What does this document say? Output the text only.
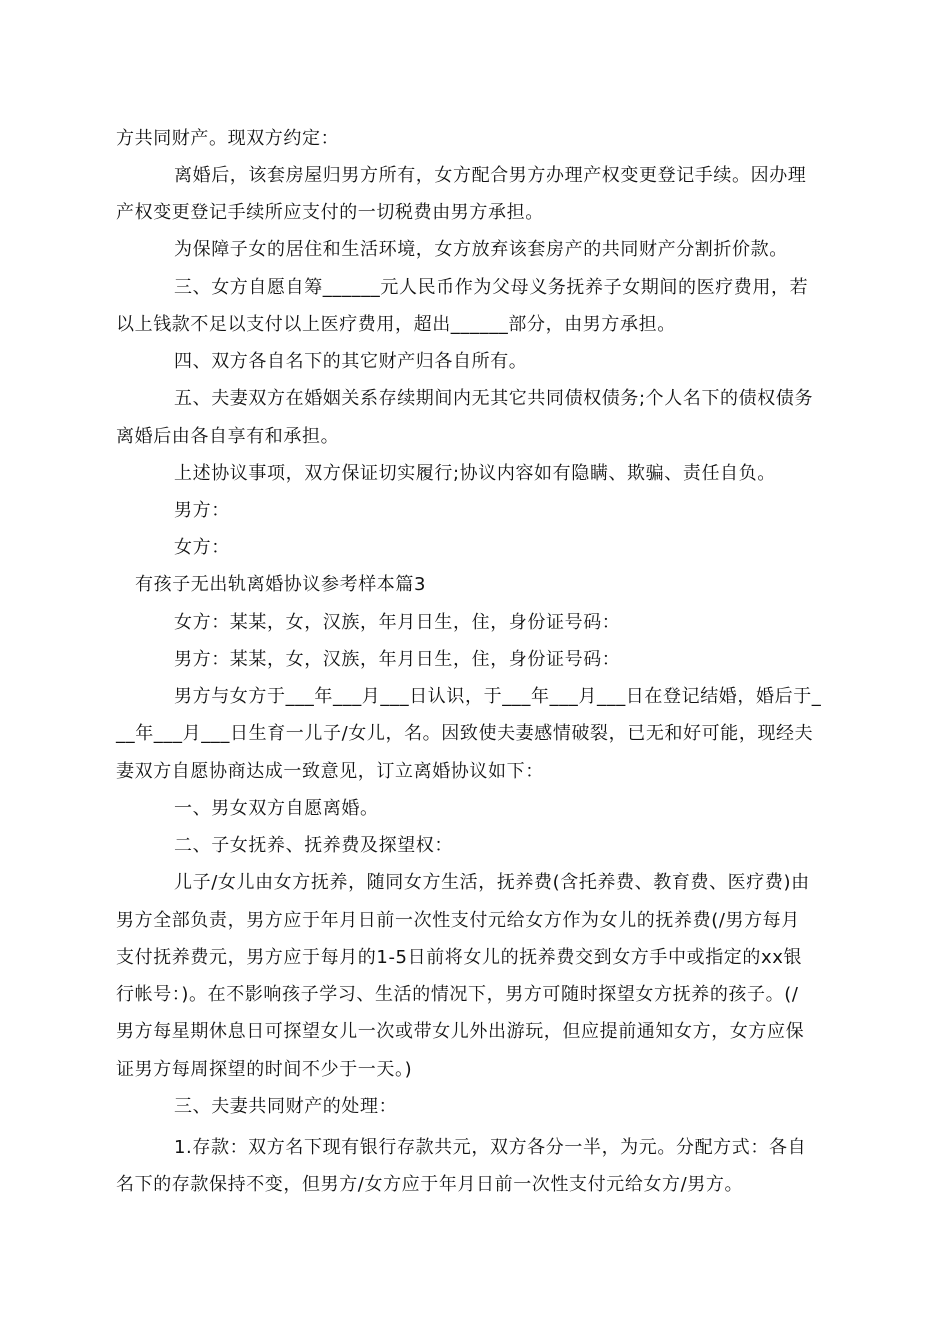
方共同财产。现双方约定：
离婚后，该套房屋归男方所有，女方配合男方办理产权变更登记手续。因办理
产权变更登记手续所应支付的一切税费由男方承担。
为保障子女的居住和生活环境，女方放弃该套房产的共同财产分割折价款。
三、女方自愿自筹______元人民币作为父母义务抚养子女期间的医疗费用，若
以上钱款不足以支付以上医疗费用，超出______部分，由男方承担。
四、双方各自名下的其它财产归各自所有。
五、夫妻双方在婚姻关系存续期间内无其它共同债权债务;个人名下的债权债务
离婚后由各自享有和承担。
上述协议事项，双方保证切实履行;协议内容如有隐瞒、欺骗、责任自负。
男方：
女方：
有孩子无出轨离婚协议参考样本篇3
女方：某某，女，汉族，年月日生，住，身份证号码：
男方：某某，女，汉族，年月日生，住，身份证号码：
男方与女方于___年___月___日认识，于___年___月___日在登记结婚，婚后于_
__年___月___日生育一儿子/女儿，名。因致使夫妻感情破裂，已无和好可能，现经夫
妻双方自愿协商达成一致意见，订立离婚协议如下：
一、男女双方自愿离婚。
二、子女抚养、抚养费及探望权：
儿子/女儿由女方抚养，随同女方生活，抚养费(含托养费、教育费、医疗费)由
男方全部负责，男方应于年月日前一次性支付元给女方作为女儿的抚养费(/男方每月
支付抚养费元，男方应于每月的1-5日前将女儿的抚养费交到女方手中或指定的xx银
行帐号：)。在不影响孩子学习、生活的情况下，男方可随时探望女方抚养的孩子。(/
男方每星期休息日可探望女儿一次或带女儿外出游玩，但应提前通知女方，女方应保
证男方每周探望的时间不少于一天。)
三、夫妻共同财产的处理：
1.存款：双方名下现有银行存款共元，双方各分一半，为元。分配方式：各自
名下的存款保持不变，但男方/女方应于年月日前一次性支付元给女方/男方。
